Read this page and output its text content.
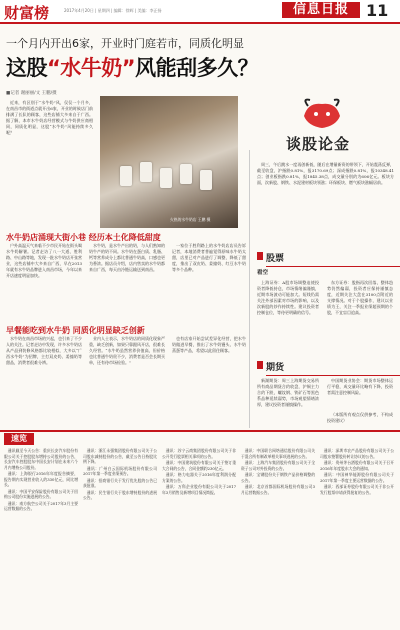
财富榜	2017年4月20日 | 星期四 | 编辑：徐辉 | 美编：李正扬	信息日报	11
一个月内开出6家，开业时门庭若市，同质化明显
这股“水牛奶”风能刮多久？
■记者 谢丽丽/文 王鹏/摄

近来，有区别于“水牛奶”风，仅仅一个月多，在南昌市的街道点就开出6家，开业的时候店门前排满了长队的顾客，这些店铺大多来自于广西。据了解，本市水牛奶店经营模式与牛奶供应商相同，同质化明显，这股“水牛奶”风能持续多久呢？

火热的水牛奶店 王鹏 摄
谈股论金

周三，午后跳水一度再创新低，随后在增量新资的带领下，开始震荡反弹，截至收盘，沪指跌0.81%，报3170.69点；深成指跌0.81%，报10348.41点；创业板指跌0.81%，报1845.38点，成交量分别约为606亿元。板块方面，次新股、钢铁、水泥建材板块领涨；环保板块、燃气板块涨幅居前。

股票
看空

上海证券：A股市场调整迫使投资者降低持仓，市场情绪偏谨慎，近期市场波动可能加大。短线仍需关注外部因素对市场的影响，以及次新股的炒作持续性。建议投资者控制仓位，等待更明确的信号。

东方证券：股指再次回落，整体趋势仍然偏弱，投资者应保持谨慎态度，近期关注大盘在3100点附近的支撑情况。对于个股操作，建议以业绩为王，关注一季报业绩超预期的个股，不宜盲目追高。

期货

新湖期货：周三上海期货交易所所有商品期货合约收盘，沪铜主力合约下跌，螺纹钢、铁矿石等黑色系品种延续弱势，市场观望情绪浓厚，建议投资者谨慎操作。

中国期货业协会：期货市场整体运行平稳，成交量环比略有下降，投资者需注意控制风险。

（本版所有观点仅供参考，不构成投资建议）

水牛奶店涌现大街小巷 经历本土化降低甜度

户外高温天气来临不少市民开始在街头喝水牛奶解暑。记者走访了八一大道、胜利路、中山路等地，发现一批水牛奶店开张营业，这些店铺中大多来自广西，早在2013年就有水牛奶品牌进入南昌市场，今年以来开店速度明显加快。

水牛奶，是水牛产出的奶，与人们熟知的奶牛产的奶不同。水牛奶在蛋白质、乳脂、钙等营养成分上都比普通牛奶高，口感也更为香浓。据店员介绍，店内售卖的水牛奶都来自广西，每天由冷链运输送到南昌。

一家位于胜利路上的水牛奶店店员告诉记者，本地消费者普遍觉得原味水牛奶太甜，店里已对产品进行了调整，降低了甜度，推出了双皮奶、姜撞奶、红豆水牛奶等多个品种。

早餐能吃到水牛奶 同质化明显缺乏创新

水牛奶在南昌市场的兴起，也引来了不少人的关注。记者走访中发现，许多水牛奶店从产品到装修风格都比较相似，大多以“广西水牛奶”为招牌，主打双皮奶、姜撞奶等甜品，消费者很难分辨。

业内人士表示，水牛奶店的同质化现象严重，缺乏创新，如果只靠跟风开店，很难长久经营。“水牛奶虽然营养价值高，但价格也比普通牛奶贵不少，消费者是否会长期买单，还有待市场检验。”

也有店家开始尝试差异化经营，把水牛奶做进早餐，推出了水牛奶馒头、水牛奶蒸蛋等产品，希望以此留住顾客。

速览

通讯截至今天公告：重庆长安汽车股份有限公司关于控股股东增持公司股份的公告，长安汽车控股股东中国长安计划在未来六个月内增持公司股份。

通讯：上海银行2016年年度报告摘要，报告期内实现营业收入约330亿元，同比增长。

通讯：中国平安保险股份有限公司关于回购公司股份实施进展的公告。

通讯：南方航空公司关于2017年3月主要运营数据的公告。

通讯：浙江永强集团股份有限公司关于公司股东减持股份的公告，截至公告日持股比例下降。

通讯：广州白云国际机场股份有限公司2017年第一季度业绩预告。

通讯：招商银行关于发行优先股的公告已获批准。

通讯：民生银行关于股东增持股份的进展公告。

通讯：苏宁云商集团股份有限公司关于非公开发行股票相关事项的公告。

通讯：中国建筑股份有限公司关于签订重大合同的公告，合同金额约230亿元。

通讯：格力电器关于2016年度利润分配方案的公告。

通讯：万科企业股份有限公司关于2017年3月销售及新增项目情况简报。

通讯：中国联合网络通信股份有限公司关于混合所有制改革相关事项进展的公告。

通讯：上海汽车集团股份有限公司关于全资子公司对外投资的公告。

通讯：宝钢股份关于钢铁产品价格调整的公告。

通讯：北京首都国际机场股份有限公司3月运营数据公告。

通讯：深圳市农产品股份有限公司关于公司股东签署股份转让协议的公告。

通讯：贵州茅台酒股份有限公司关于召开2016年年度股东大会的通知。

通讯：中国神华能源股份有限公司关于2017年第一季度主要运营数据的公告。

通讯：西部证券股份有限公司关于非公开发行股票申请获得批复的公告。
